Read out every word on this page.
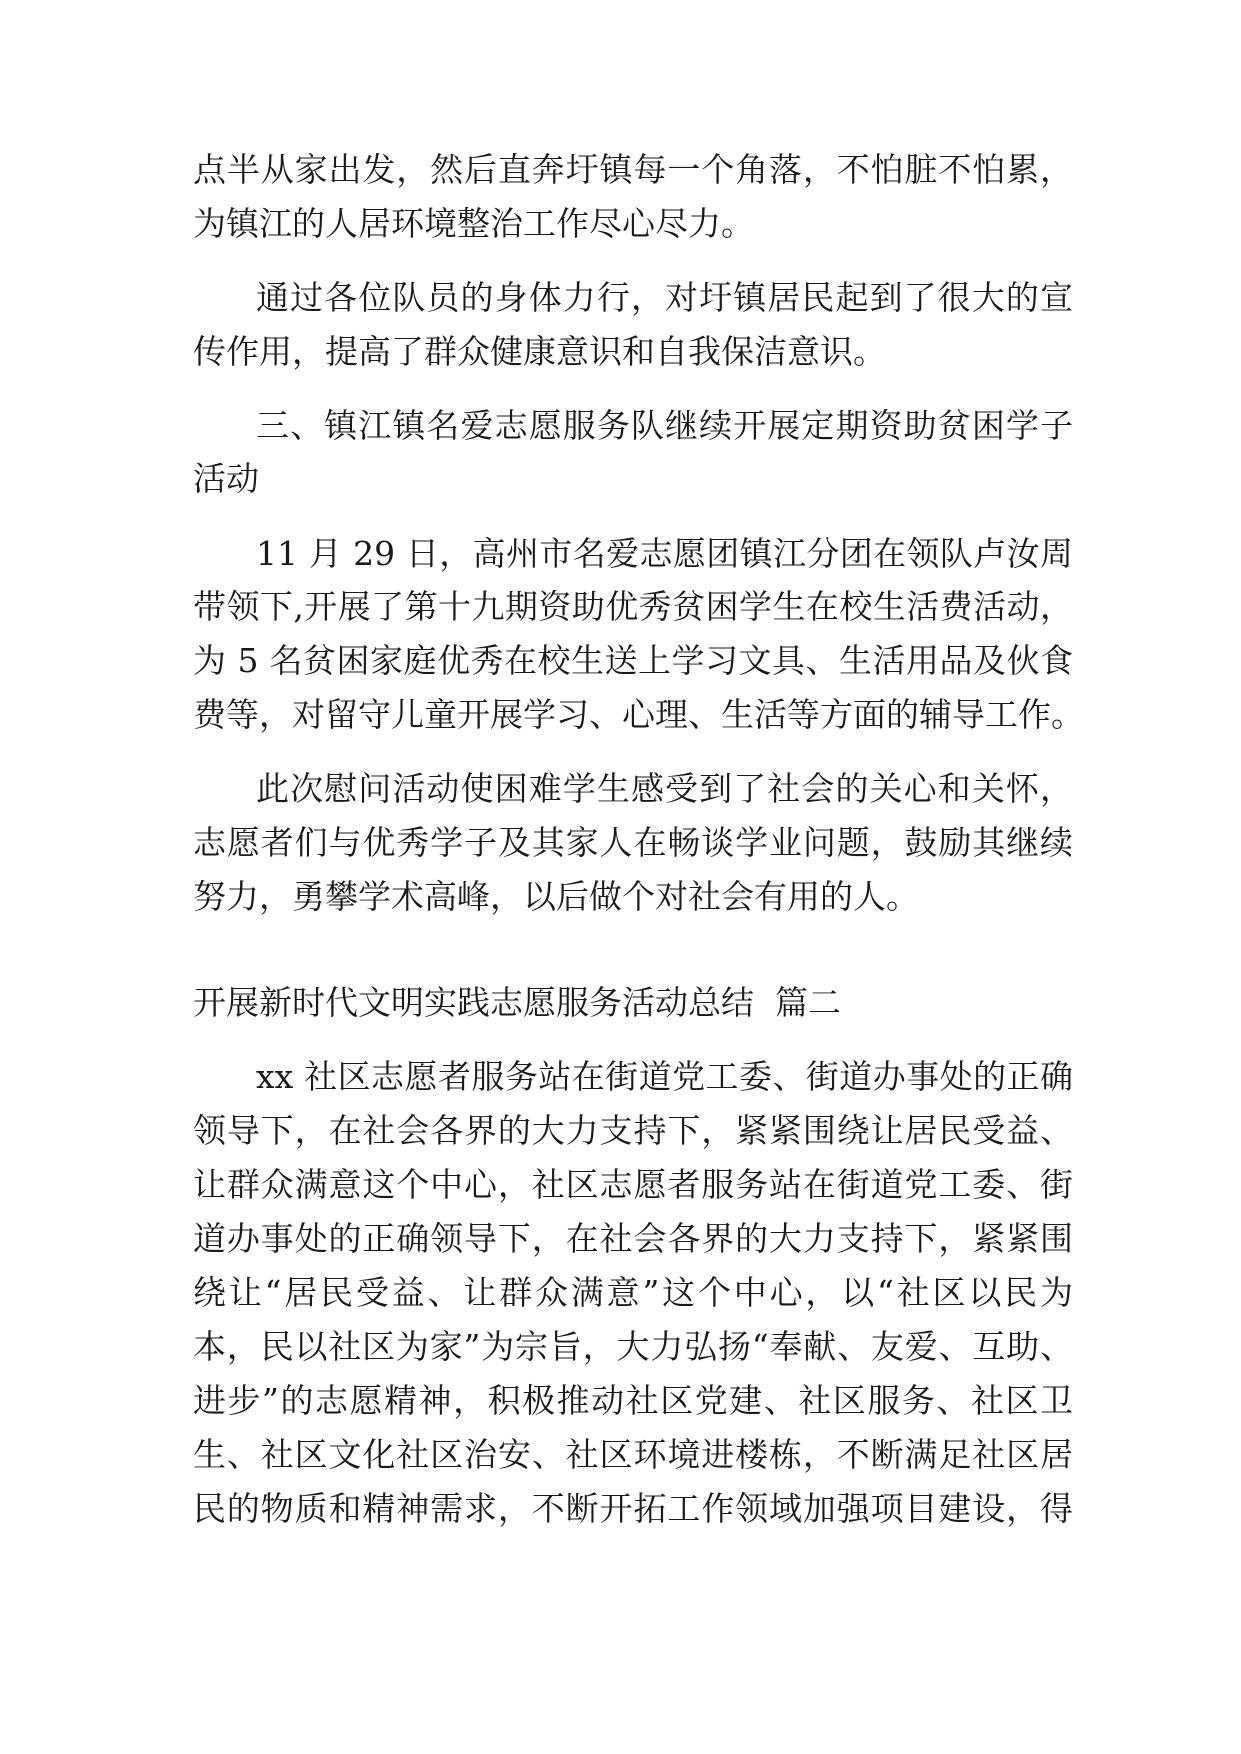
点半从家出发，然后直奔圩镇每一个角落，不怕脏不怕累，
为镇江的人居环境整治工作尽心尽力。
通过各位队员的身体力行，对圩镇居民起到了很大的宣
传作用，提高了群众健康意识和自我保洁意识。
三、镇江镇名爱志愿服务队继续开展定期资助贫困学子
活动
11 月 29 日，高州市名爱志愿团镇江分团在领队卢汝周
带领下,开展了第十九期资助优秀贫困学生在校生活费活动，
为 5 名贫困家庭优秀在校生送上学习文具、生活用品及伙食
费等，对留守儿童开展学习、心理、生活等方面的辅导工作。
此次慰问活动使困难学生感受到了社会的关心和关怀，
志愿者们与优秀学子及其家人在畅谈学业问题，鼓励其继续
努力，勇攀学术高峰，以后做个对社会有用的人。
开展新时代文明实践志愿服务活动总结  篇二
xx 社区志愿者服务站在街道党工委、街道办事处的正确
领导下，在社会各界的大力支持下，紧紧围绕让居民受益、
让群众满意这个中心，社区志愿者服务站在街道党工委、街
道办事处的正确领导下，在社会各界的大力支持下，紧紧围
绕让“居民受益、让群众满意”这个中心，以“社区以民为
本，民以社区为家”为宗旨，大力弘扬“奉献、友爱、互助、
进步”的志愿精神，积极推动社区党建、社区服务、社区卫
生、社区文化社区治安、社区环境进楼栋，不断满足社区居
民的物质和精神需求，不断开拓工作领域加强项目建设，得
